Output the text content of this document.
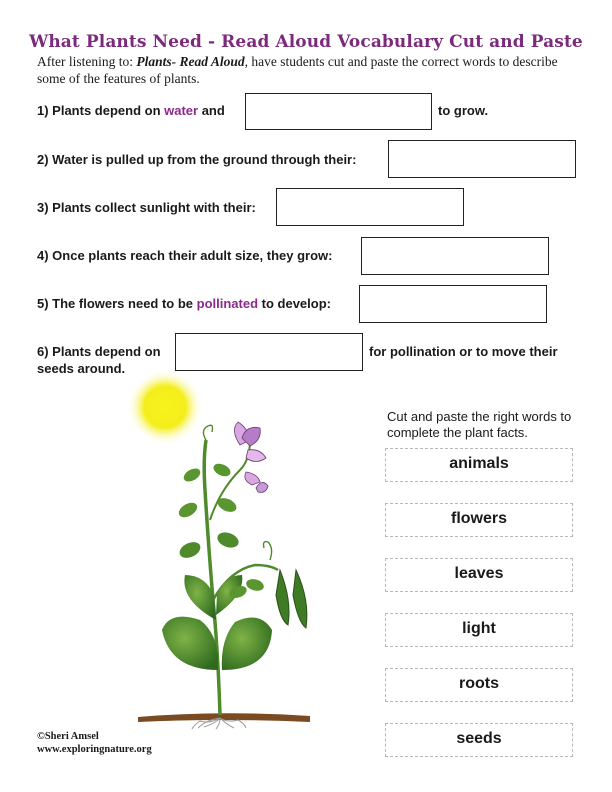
What Plants Need - Read Aloud Vocabulary Cut and Paste
After listening to: Plants- Read Aloud, have students cut and paste the correct words to describe some of the features of plants.
1) Plants depend on water and	to grow.
2) Water is pulled up from the ground through their:
3) Plants collect sunlight with their:
4) Once plants reach their adult size, they grow:
5) The flowers need to be pollinated to develop:
6) Plants depend on	for pollination or to move their
seeds around.
Cut and paste the right words to complete the plant facts.
animals
flowers
leaves
light
roots
seeds
©Sheri Amsel
www.exploringnature.org
